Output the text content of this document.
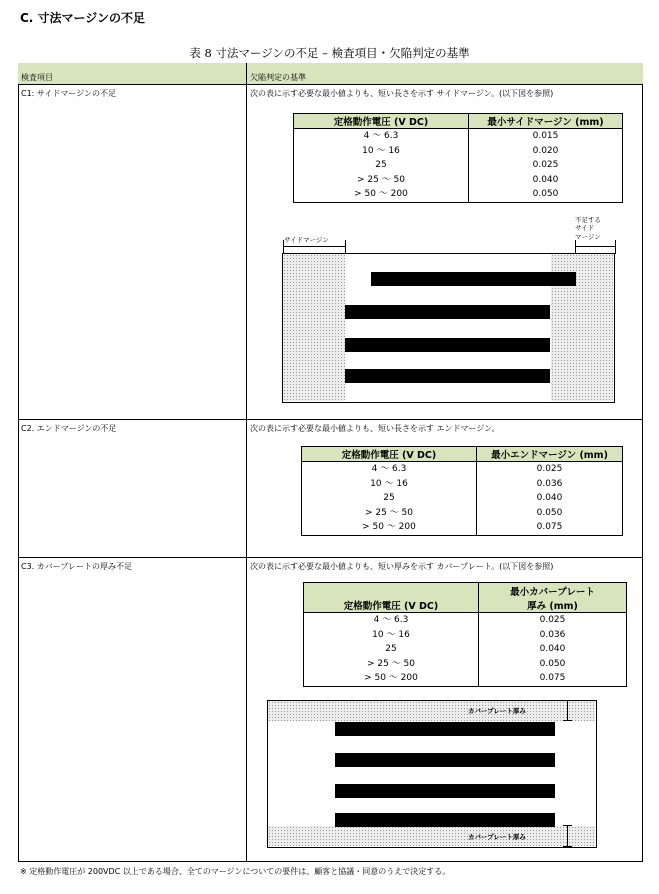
C. 寸法マージンの不足
表 8 寸法マージンの不足 – 検査項目・欠陥判定の基準
検査項目	欠陥判定の基準
C1: サイドマージンの不足	次の表に示す必要な最小値よりも、短い長さを示す サイドマージン。(以下図を参照)
定格動作電圧 (V DC)	最小サイドマージン (mm)
4 ～ 6.3	0.015
10 ～ 16	0.020
25	0.025
> 25 ～ 50	0.040
> 50 ～ 200	0.050
サイドマージン
不足する
サイド
マージン
C2. エンドマージンの不足	次の表に示す必要な最小値よりも、短い長さを示す エンドマージン。
定格動作電圧 (V DC)	最小エンドマージン (mm)
4 ～ 6.3	0.025
10 ～ 16	0.036
25	0.040
> 25 ～ 50	0.050
> 50 ～ 200	0.075
C3. カバープレートの厚み不足	次の表に示す必要な最小値よりも、短い厚みを示す カバープレート。(以下図を参照)
定格動作電圧 (V DC)	最小カバープレート
厚み (mm)

4 ～ 6.3	0.025
10 ～ 16	0.036
25	0.040
> 25 ～ 50	0.050
> 50 ～ 200	0.075
カバープレート厚み
カバープレート厚み
※ 定格動作電圧が 200VDC 以上である場合、全てのマージンについての要件は、顧客と協議・同意のうえで決定する。
